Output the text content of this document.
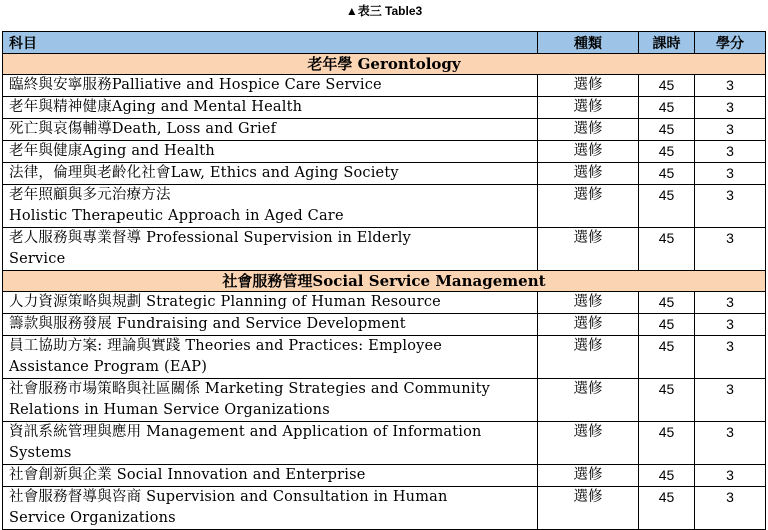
▲表三 Table3
科目	種類	課時	學分
老年學 Gerontology			

臨終與安寧服務Palliative and Hospice Care Service	選修	45	3

老年與精神健康Aging and Mental Health	選修	45	3

死亡與哀傷輔導Death, Loss and Grief	選修	45	3

老年與健康Aging and Health	選修	45	3

法律，倫理與老齡化社會Law, Ethics and Aging Society	選修	45	3

老年照顧與多元治療方法
Holistic Therapeutic Approach in Aged Care	選修	45	3

老人服務與專業督導 Professional Supervision in Elderly
Service	選修	45	3
社會服務管理Social Service Management			

人力資源策略與規劃 Strategic Planning of Human Resource	選修	45	3

籌款與服務發展 Fundraising and Service Development	選修	45	3

員工協助方案: 理論與實踐 Theories and Practices: Employee
Assistance Program (EAP)	選修	45	3

社會服務市場策略與社區關係 Marketing Strategies and Community
Relations in Human Service Organizations	選修	45	3

資訊系統管理與應用 Management and Application of Information
Systems	選修	45	3

社會創新與企業 Social Innovation and Enterprise	選修	45	3

社會服務督導與咨商 Supervision and Consultation in Human
Service Organizations	選修	45	3
